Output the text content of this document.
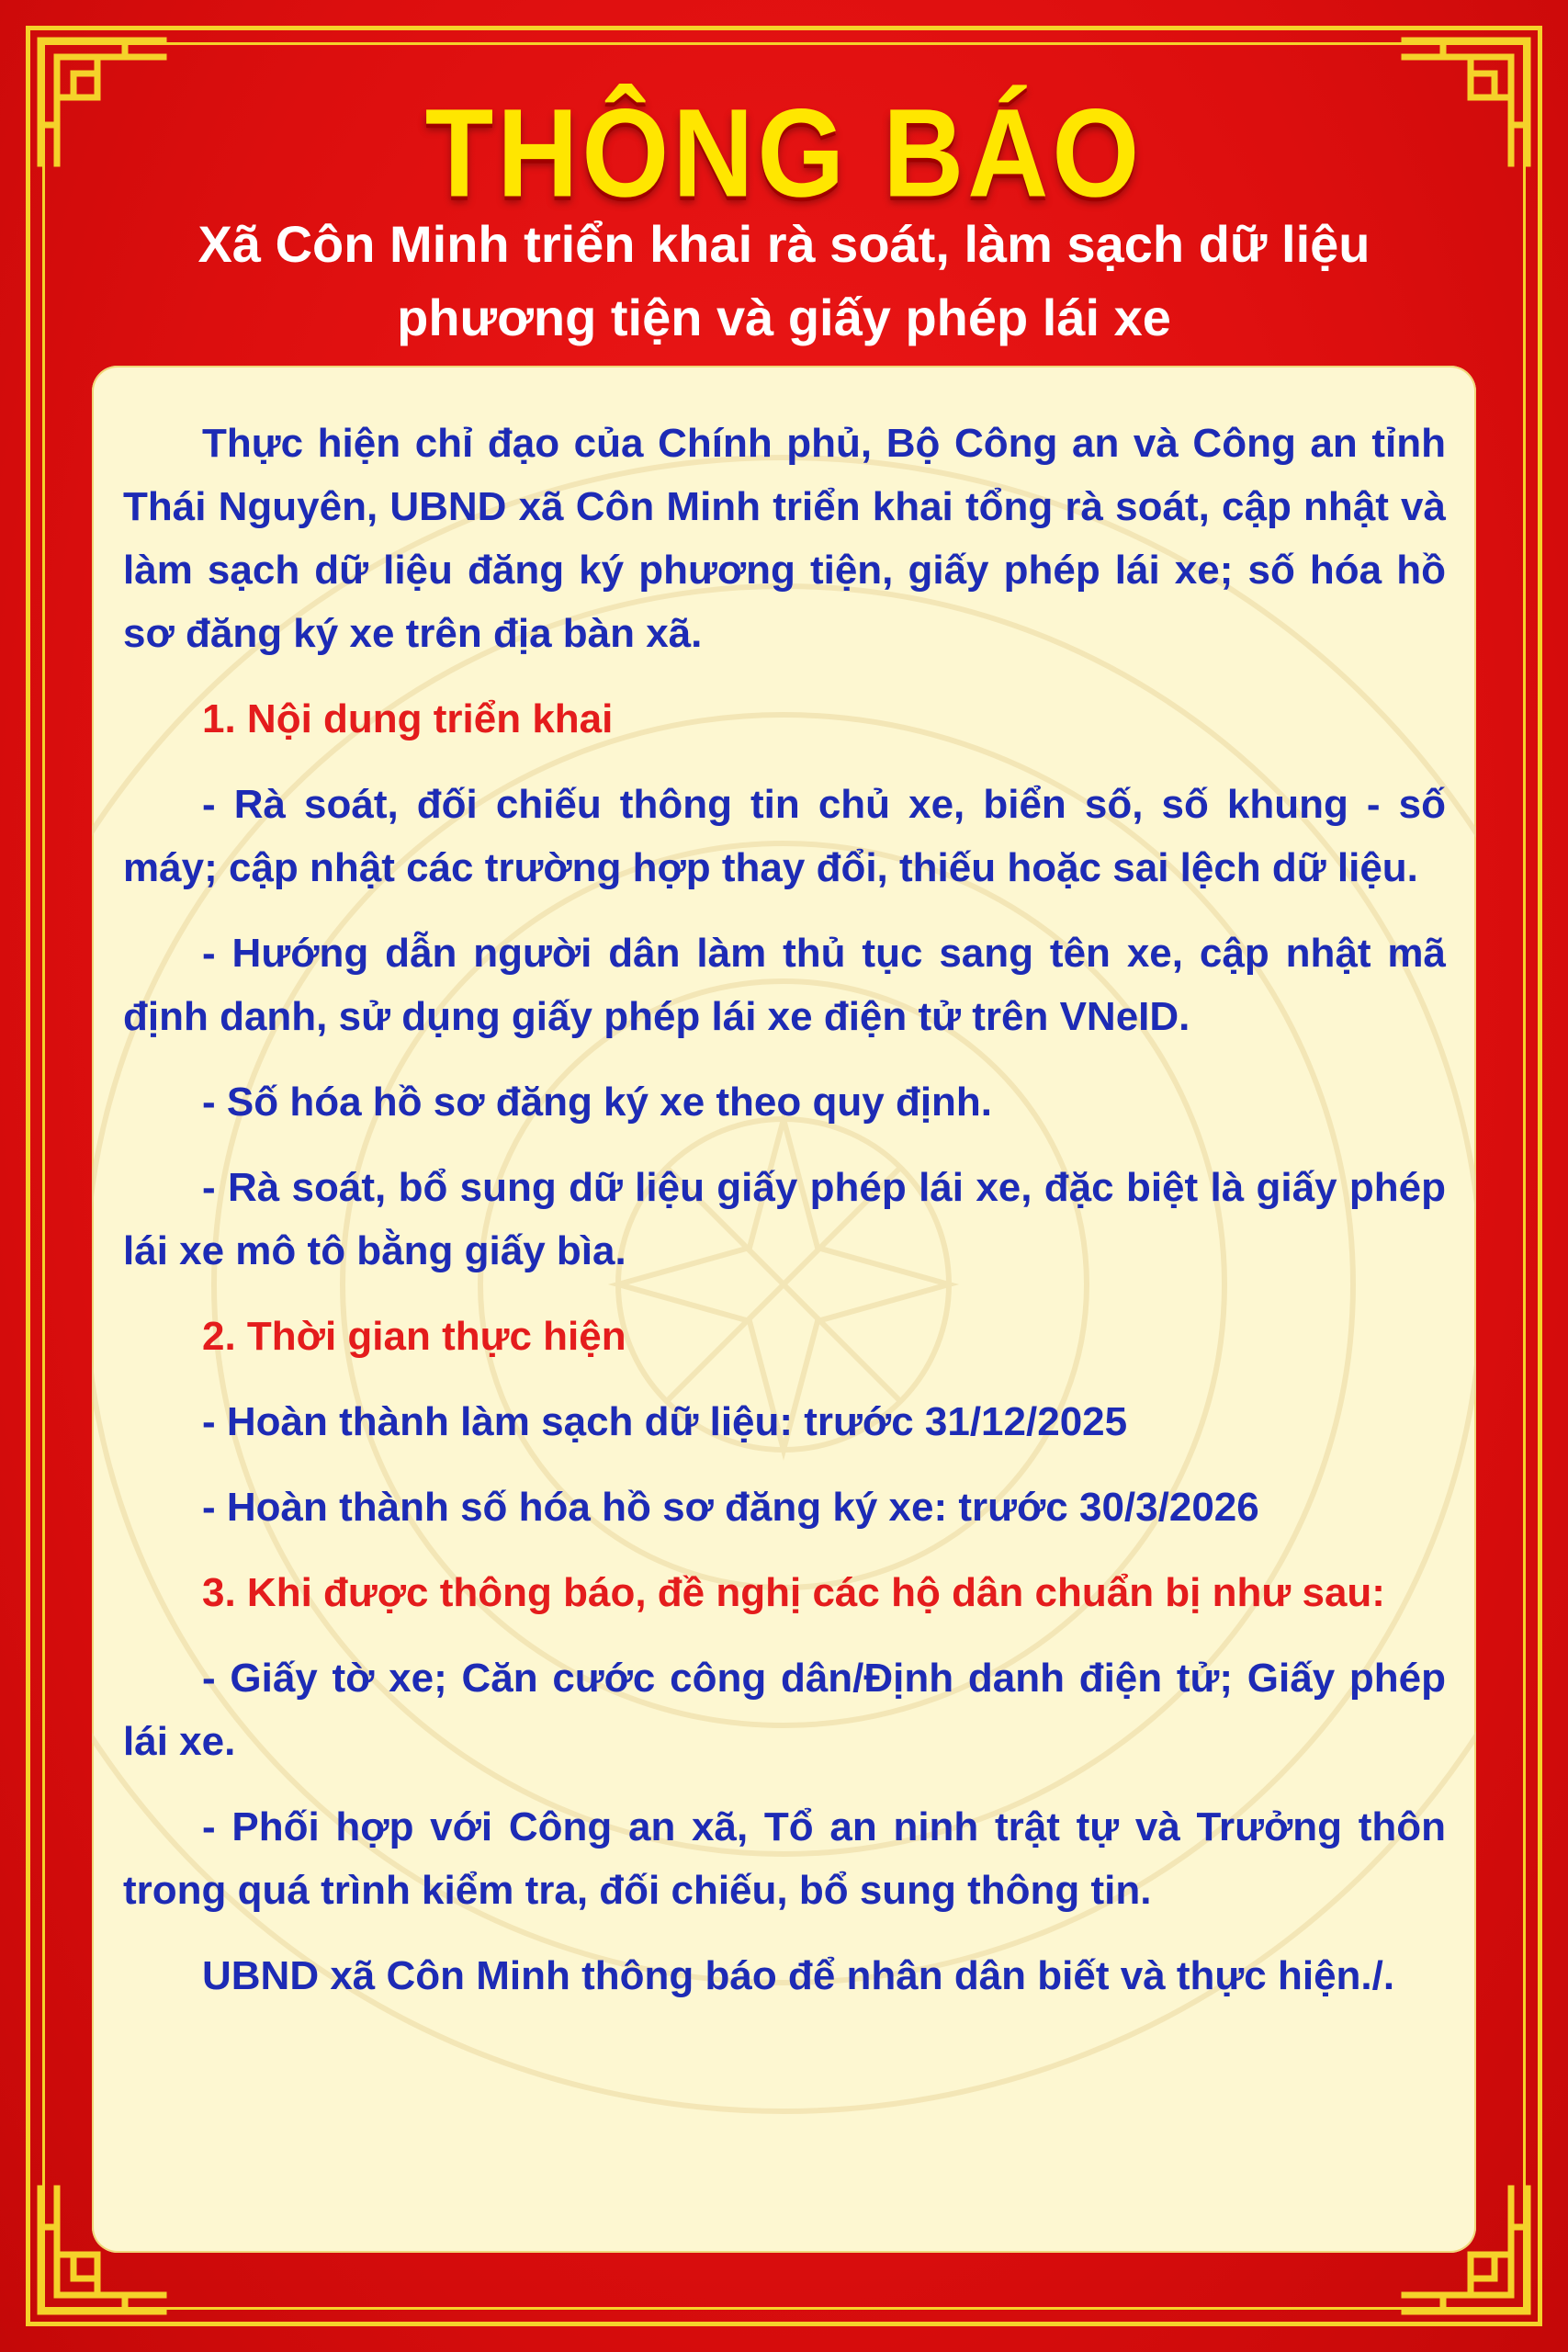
THÔNG BÁO

Xã Côn Minh triển khai rà soát, làm sạch dữ liệu phương tiện và giấy phép lái xe

Thực hiện chỉ đạo của Chính phủ, Bộ Công an và Công an tỉnh Thái Nguyên, UBND xã Côn Minh triển khai tổng rà soát, cập nhật và làm sạch dữ liệu đăng ký phương tiện, giấy phép lái xe; số hóa hồ sơ đăng ký xe trên địa bàn xã.

1. Nội dung triển khai

- Rà soát, đối chiếu thông tin chủ xe, biển số, số khung - số máy; cập nhật các trường hợp thay đổi, thiếu hoặc sai lệch dữ liệu.

- Hướng dẫn người dân làm thủ tục sang tên xe, cập nhật mã định danh, sử dụng giấy phép lái xe điện tử trên VNeID.

- Số hóa hồ sơ đăng ký xe theo quy định.

- Rà soát, bổ sung dữ liệu giấy phép lái xe, đặc biệt là giấy phép lái xe mô tô bằng giấy bìa.

2. Thời gian thực hiện

- Hoàn thành làm sạch dữ liệu: trước 31/12/2025

- Hoàn thành số hóa hồ sơ đăng ký xe: trước 30/3/2026

3. Khi được thông báo, đề nghị các hộ dân chuẩn bị như sau:

- Giấy tờ xe; Căn cước công dân/Định danh điện tử; Giấy phép lái xe.

- Phối hợp với Công an xã, Tổ an ninh trật tự và Trưởng thôn trong quá trình kiểm tra, đối chiếu, bổ sung thông tin.

UBND xã Côn Minh thông báo để nhân dân biết và thực hiện./.
